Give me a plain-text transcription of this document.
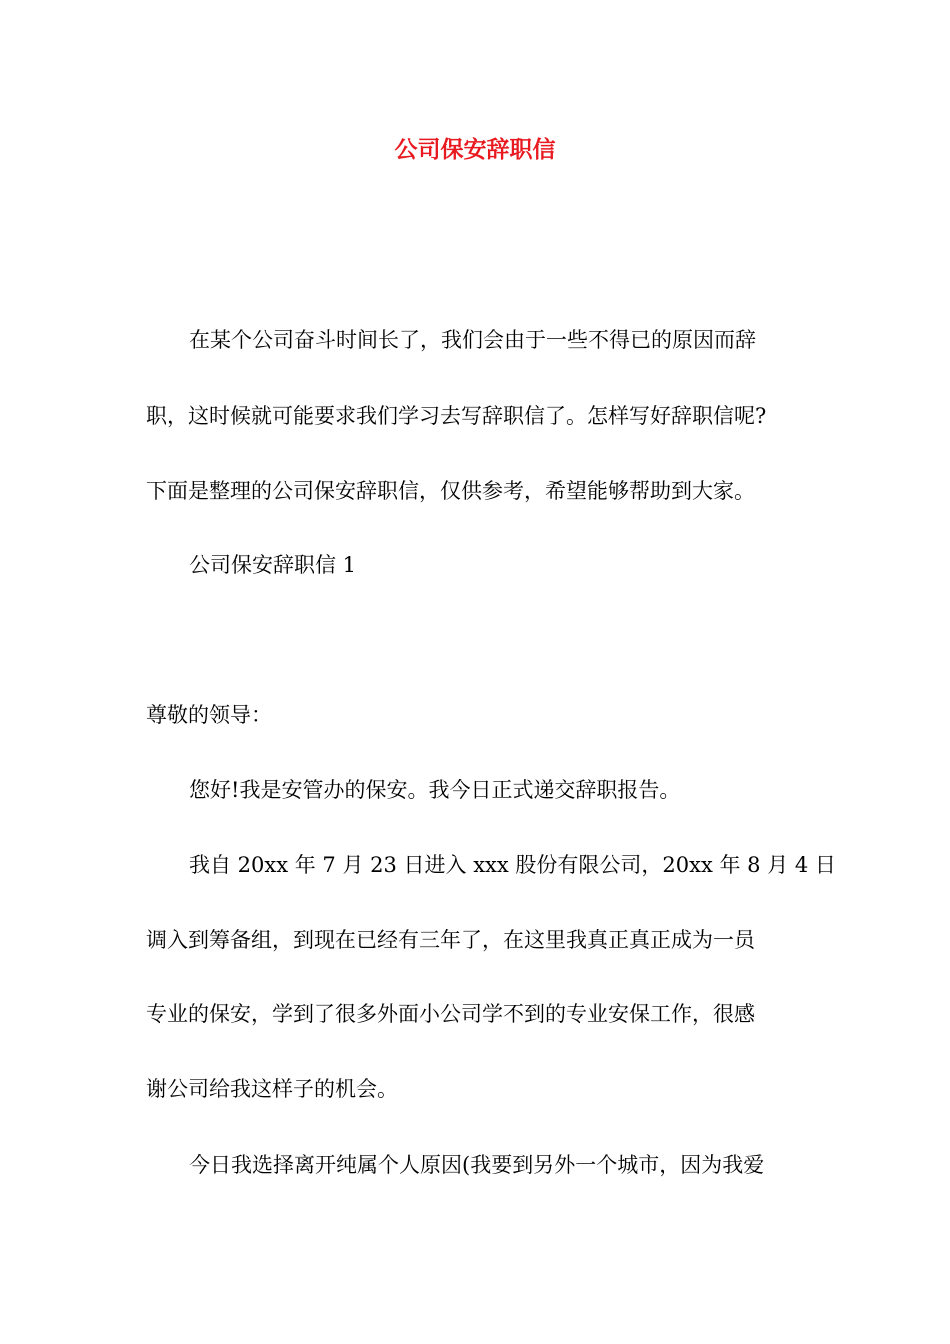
公司保安辞职信
在某个公司奋斗时间长了，我们会由于一些不得已的原因而辞
职，这时候就可能要求我们学习去写辞职信了。怎样写好辞职信呢?
下面是整理的公司保安辞职信，仅供参考，希望能够帮助到大家。
公司保安辞职信 1
尊敬的领导：
您好!我是安管办的保安。我今日正式递交辞职报告。
我自 20xx 年 7 月 23 日进入 xxx 股份有限公司，20xx 年 8 月 4 日
调入到筹备组，到现在已经有三年了，在这里我真正真正成为一员
专业的保安，学到了很多外面小公司学不到的专业安保工作，很感
谢公司给我这样子的机会。
今日我选择离开纯属个人原因(我要到另外一个城市，因为我爱
